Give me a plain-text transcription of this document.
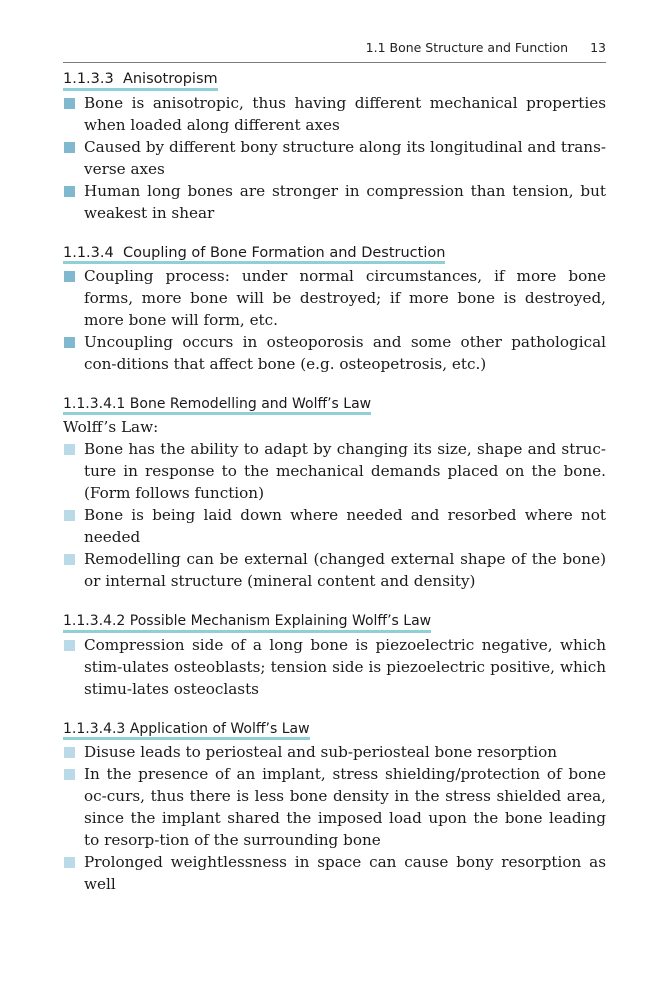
1.1 Bone Structure and Function 13
1.1.3.3  Anisotropism
Bone is anisotropic, thus having different mechanical properties when loaded along different axes
Caused by different bony structure along its longitudinal and trans-verse axes
Human long bones are stronger in compression than tension, but weakest in shear
1.1.3.4  Coupling of Bone Formation and Destruction
Coupling process: under normal circumstances, if more bone forms, more bone will be destroyed; if more bone is destroyed, more bone will form, etc.
Uncoupling occurs in osteoporosis and some other pathological con-ditions that affect bone (e.g. osteopetrosis, etc.)
1.1.3.4.1 Bone Remodelling and Wolff’s Law
Wolff’s Law:
Bone has the ability to adapt by changing its size, shape and struc-ture in response to the mechanical demands placed on the bone. (Form follows function)
Bone is being laid down where needed and resorbed where not needed
Remodelling can be external (changed external shape of the bone) or internal structure (mineral content and density)
1.1.3.4.2 Possible Mechanism Explaining Wolff’s Law
Compression side of a long bone is piezoelectric negative, which stim-ulates osteoblasts; tension side is piezoelectric positive, which stimu-lates osteoclasts
1.1.3.4.3 Application of Wolff’s Law
Disuse leads to periosteal and sub-periosteal bone resorption
In the presence of an implant, stress shielding/protection of bone oc-curs, thus there is less bone density in the stress shielded area, since the implant shared the imposed load upon the bone leading to resorp-tion of the surrounding bone
Prolonged weightlessness in space can cause bony resorption as well
